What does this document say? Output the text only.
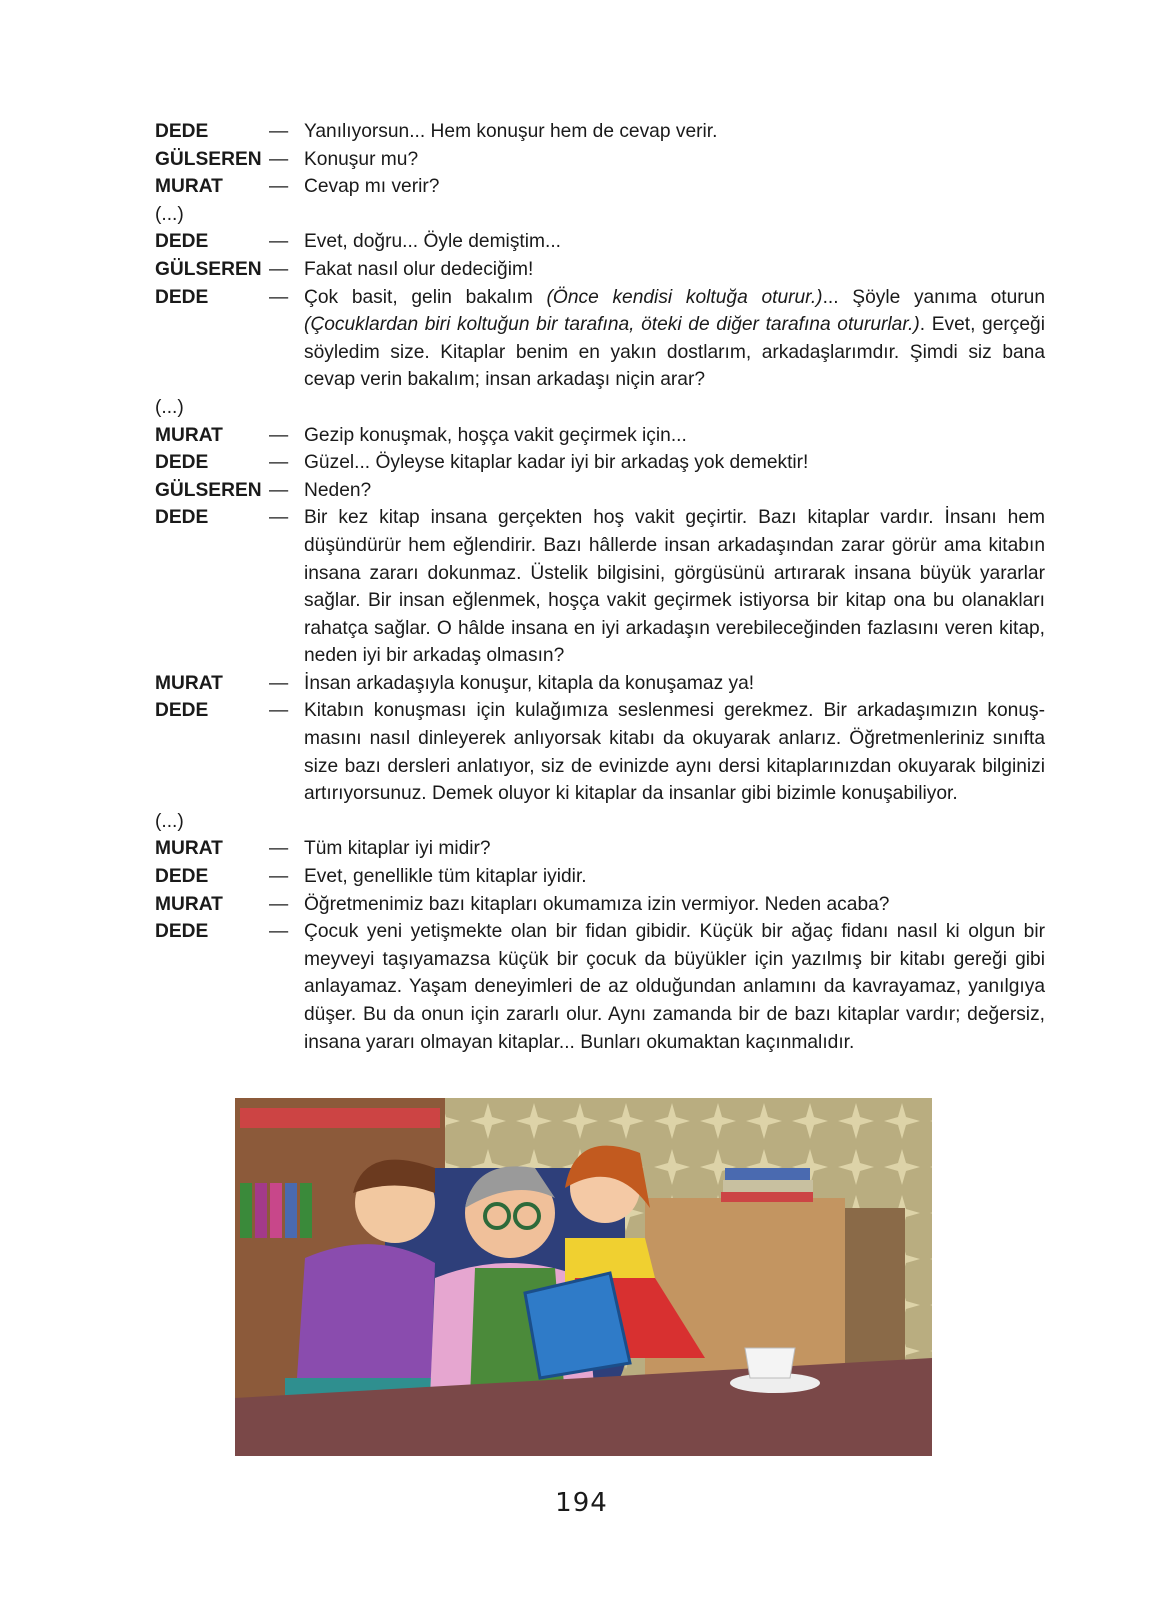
DEDE	— Yanılıyorsun... Hem konuşur hem de cevap verir.
GÜLSEREN — Konuşur mu?
MURAT	— Cevap mı verir?
(...)
DEDE	— Evet, doğru... Öyle demiştim...
GÜLSEREN — Fakat nasıl olur dedeciğim!
DEDE	— Çok basit, gelin bakalım (Önce kendisi koltuğa oturur.)... Şöyle yanıma oturun (Çocuklardan biri koltuğun bir tarafına, öteki de diğer tarafına otururlar.). Evet, gerçeği söyledim size. Kitaplar benim en yakın dostlarım, arkadaşlarımdır. Şimdi siz bana cevap verin bakalım; insan arkadaşı niçin arar?
(...)
MURAT	— Gezip konuşmak, hoşça vakit geçirmek için...
DEDE	— Güzel... Öyleyse kitaplar kadar iyi bir arkadaş yok demektir!
GÜLSEREN — Neden?
DEDE	— Bir kez kitap insana gerçekten hoş vakit geçirtir. Bazı kitaplar vardır. İnsanı hem düşündürür hem eğlendirir. Bazı hâllerde insan arkadaşından zarar görür ama kitabın insana zararı dokunmaz. Üstelik bilgisini, görgüsünü artırarak insana büyük yararlar sağlar. Bir insan eğlenmek, hoşça vakit geçirmek istiyorsa bir kitap ona bu olanakları rahatça sağlar. O hâlde insana en iyi arkadaşın verebileceğinden fazlasını veren kitap, neden iyi bir arkadaş olmasın?
MURAT	— İnsan arkadaşıyla konuşur, kitapla da konuşamaz ya!
DEDE	— Kitabın konuşması için kulağımıza seslenmesi gerekmez. Bir arkadaşımızın konuşmasını nasıl dinleyerek anlıyorsak kitabı da okuyarak anlarız. Öğretmenleriniz sınıfta size bazı dersleri anlatıyor, siz de evinizde aynı dersi kitaplarınızdan okuyarak bilginizi artırıyorsunuz. Demek oluyor ki kitaplar da insanlar gibi bizimle konuşabiliyor.
(...)
MURAT	— Tüm kitaplar iyi midir?
DEDE	— Evet, genellikle tüm kitaplar iyidir.
MURAT	— Öğretmenimiz bazı kitapları okumamıza izin vermiyor. Neden acaba?
DEDE	— Çocuk yeni yetişmekte olan bir fidan gibidir. Küçük bir ağaç fidanı nasıl ki olgun bir meyveyi taşıyamazsa küçük bir çocuk da büyükler için yazılmış bir kitabı gereği gibi anlayamaz. Yaşam deneyimleri de az olduğundan anlamını da kavrayamaz, yanılgıya düşer. Bu da onun için zararlı olur. Aynı zamanda bir de bazı kitaplar vardır; değersiz, insana yararı olmayan kitaplar... Bunları okumaktan kaçınmalıdır.
194
